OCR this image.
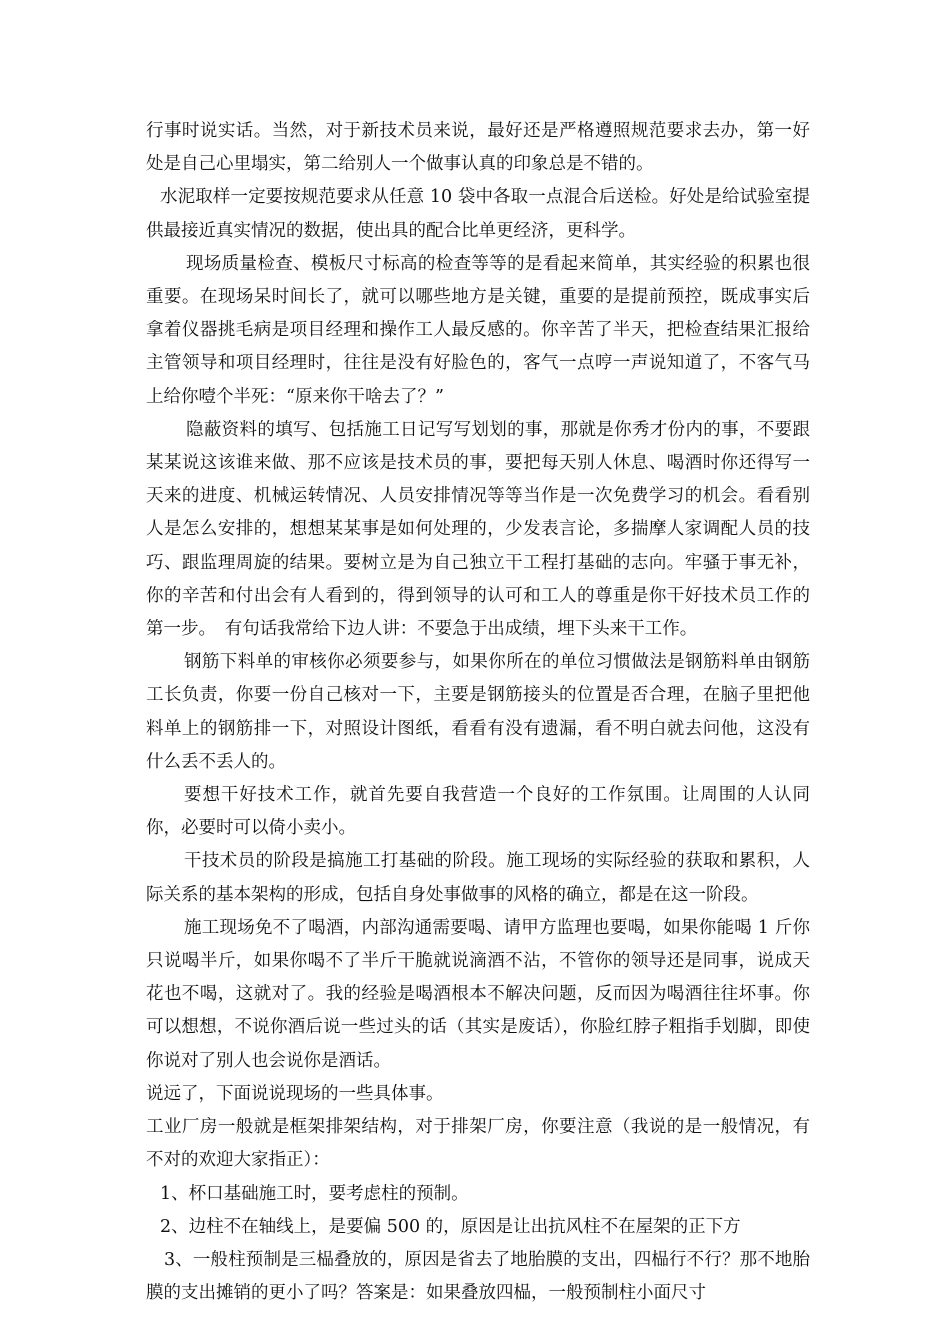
行事时说实话。当然，对于新技术员来说，最好还是严格遵照规范要求去办，第一好处是自己心里塌实，第二给别人一个做事认真的印象总是不错的。

水泥取样一定要按规范要求从任意 10 袋中各取一点混合后送检。好处是给试验室提供最接近真实情况的数据，使出具的配合比单更经济，更科学。

现场质量检查、模板尺寸标高的检查等等的是看起来简单，其实经验的积累也很重要。在现场呆时间长了，就可以哪些地方是关键，重要的是提前预控，既成事实后拿着仪器挑毛病是项目经理和操作工人最反感的。你辛苦了半天，把检查结果汇报给主管领导和项目经理时，往往是没有好脸色的，客气一点哼一声说知道了，不客气马上给你噎个半死：“原来你干啥去了？”

隐蔽资料的填写、包括施工日记写写划划的事，那就是你秀才份内的事，不要跟某某说这该谁来做、那不应该是技术员的事，要把每天别人休息、喝酒时你还得写一天来的进度、机械运转情况、人员安排情况等等当作是一次免费学习的机会。看看别人是怎么安排的，想想某某事是如何处理的，少发表言论，多揣摩人家调配人员的技巧、跟监理周旋的结果。要树立是为自己独立干工程打基础的志向。牢骚于事无补，你的辛苦和付出会有人看到的，得到领导的认可和工人的尊重是你干好技术员工作的第一步。　有句话我常给下边人讲：不要急于出成绩，埋下头来干工作。

钢筋下料单的审核你必须要参与，如果你所在的单位习惯做法是钢筋料单由钢筋工长负责，你要一份自己核对一下，主要是钢筋接头的位置是否合理，在脑子里把他料单上的钢筋排一下，对照设计图纸，看看有没有遗漏，看不明白就去问他，这没有什么丢不丢人的。

要想干好技术工作，就首先要自我营造一个良好的工作氛围。让周围的人认同你，必要时可以倚小卖小。

干技术员的阶段是搞施工打基础的阶段。施工现场的实际经验的获取和累积，人际关系的基本架构的形成，包括自身处事做事的风格的确立，都是在这一阶段。

施工现场免不了喝酒，内部沟通需要喝、请甲方监理也要喝，如果你能喝 1 斤你只说喝半斤，如果你喝不了半斤干脆就说滴酒不沾，不管你的领导还是同事，说成天花也不喝，这就对了。我的经验是喝酒根本不解决问题，反而因为喝酒往往坏事。你可以想想，不说你酒后说一些过头的话（其实是废话），你脸红脖子粗指手划脚，即使你说对了别人也会说你是酒话。

说远了，下面说说现场的一些具体事。

工业厂房一般就是框架排架结构，对于排架厂房，你要注意（我说的是一般情况，有不对的欢迎大家指正）：

1、杯口基础施工时，要考虑柱的预制。

2、边柱不在轴线上，是要偏 500 的，原因是让出抗风柱不在屋架的正下方

3、一般柱预制是三榀叠放的，原因是省去了地胎膜的支出，四榀行不行？那不地胎膜的支出摊销的更小了吗？答案是：如果叠放四榀，一般预制柱小面尺寸
